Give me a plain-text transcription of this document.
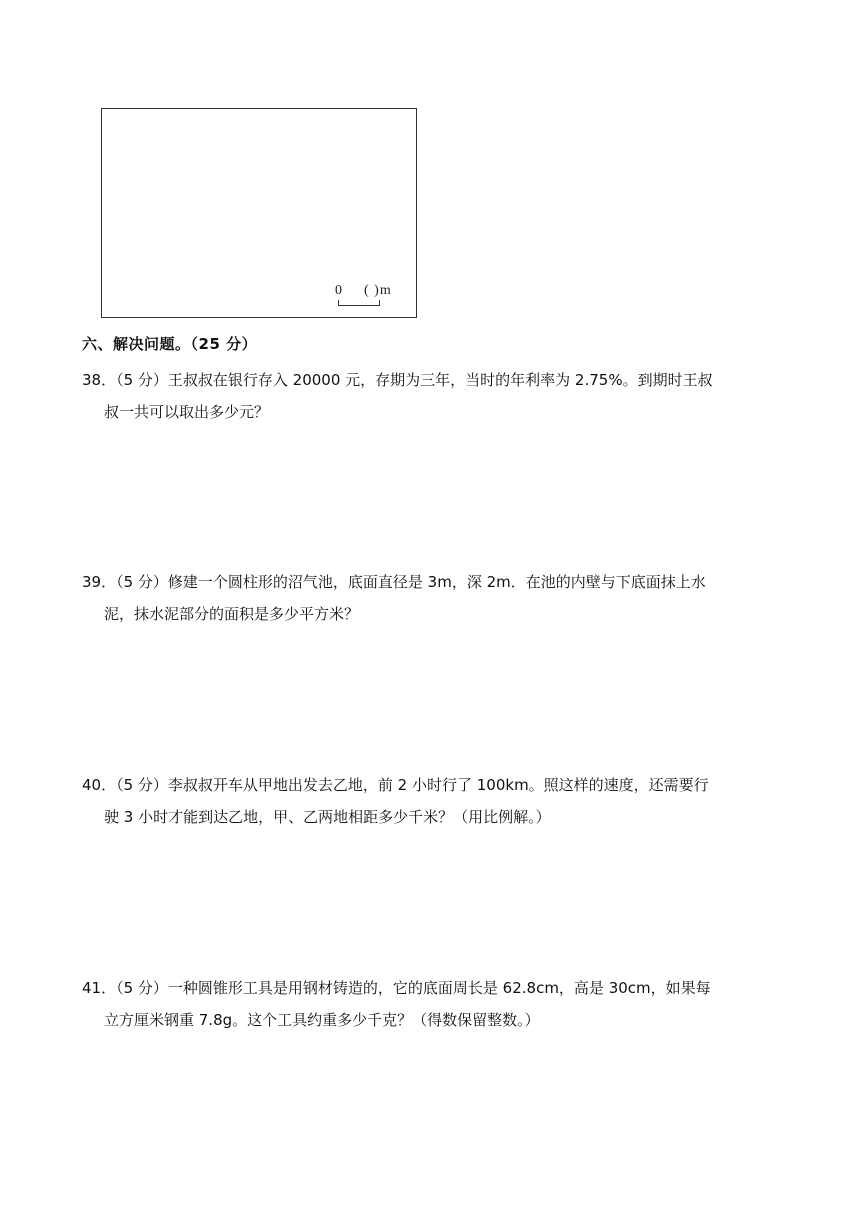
0 ( )m
六、解决问题。（25 分）
38．（5 分）王叔叔在银行存入 20000 元，存期为三年，当时的年利率为 2.75%。到期时王叔
叔一共可以取出多少元？
39．（5 分）修建一个圆柱形的沼气池，底面直径是 3m，深 2m．在池的内壁与下底面抹上水
泥，抹水泥部分的面积是多少平方米？
40．（5 分）李叔叔开车从甲地出发去乙地，前 2 小时行了 100km。照这样的速度，还需要行
驶 3 小时才能到达乙地，甲、乙两地相距多少千米？（用比例解。）
41．（5 分）一种圆锥形工具是用钢材铸造的，它的底面周长是 62.8cm，高是 30cm，如果每
立方厘米钢重 7.8g。这个工具约重多少千克？（得数保留整数。）
